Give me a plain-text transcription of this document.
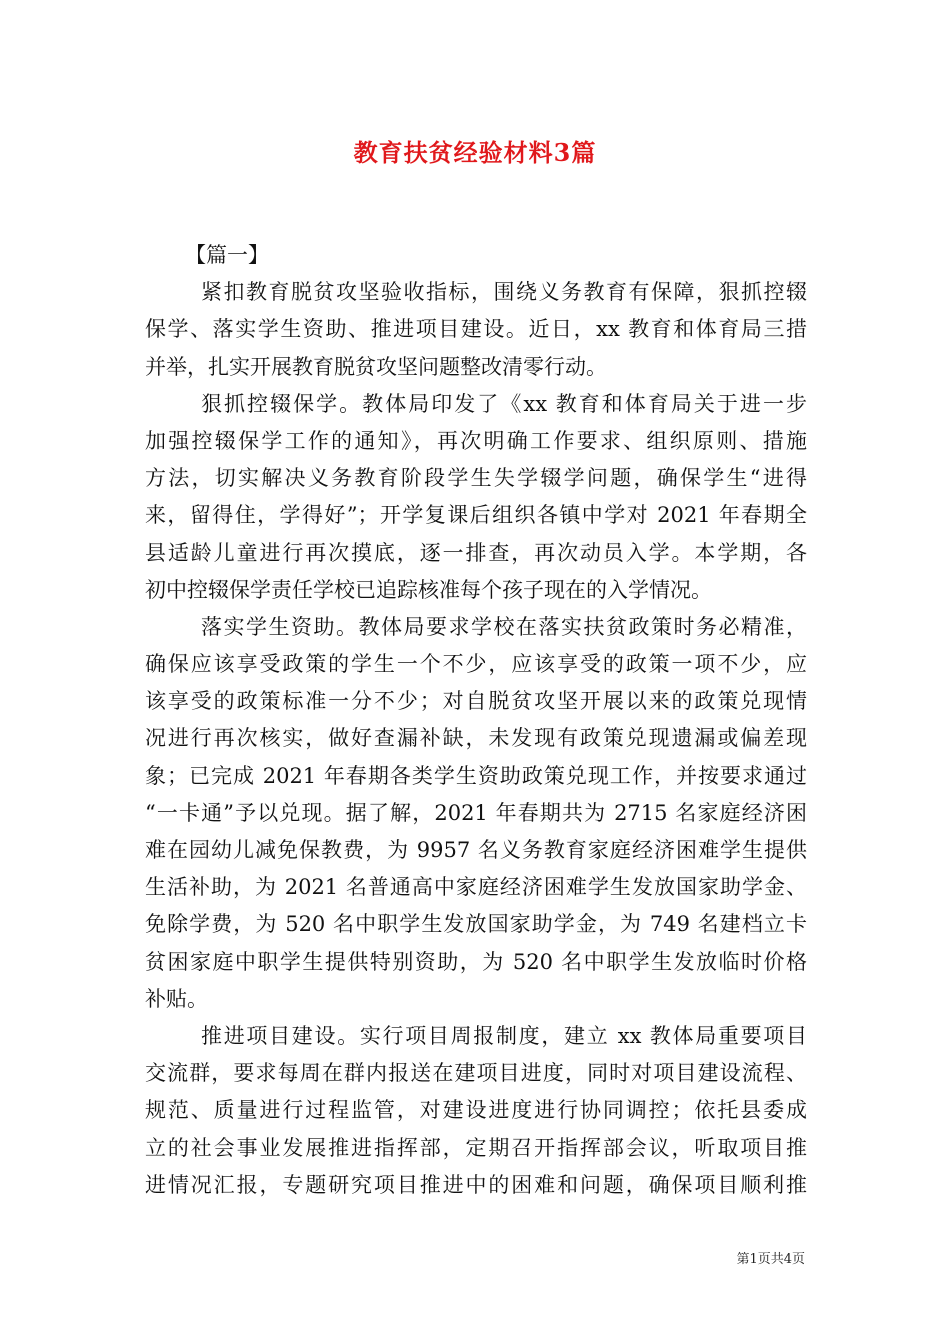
教育扶贫经验材料3篇
【篇一】
紧扣教育脱贫攻坚验收指标，围绕义务教育有保障，狠抓控辍
保学、落实学生资助、推进项目建设。近日，xx 教育和体育局三措
并举，扎实开展教育脱贫攻坚问题整改清零行动。
狠抓控辍保学。教体局印发了《xx 教育和体育局关于进一步
加强控辍保学工作的通知》，再次明确工作要求、组织原则、措施
方法，切实解决义务教育阶段学生失学辍学问题，确保学生“进得
来，留得住，学得好”；开学复课后组织各镇中学对 2021 年春期全
县适龄儿童进行再次摸底，逐一排查，再次动员入学。本学期，各
初中控辍保学责任学校已追踪核准每个孩子现在的入学情况。
落实学生资助。教体局要求学校在落实扶贫政策时务必精准，
确保应该享受政策的学生一个不少，应该享受的政策一项不少，应
该享受的政策标准一分不少；对自脱贫攻坚开展以来的政策兑现情
况进行再次核实，做好查漏补缺，未发现有政策兑现遗漏或偏差现
象；已完成 2021 年春期各类学生资助政策兑现工作，并按要求通过
“一卡通”予以兑现。据了解，2021 年春期共为 2715 名家庭经济困
难在园幼儿减免保教费，为 9957 名义务教育家庭经济困难学生提供
生活补助，为 2021 名普通高中家庭经济困难学生发放国家助学金、
免除学费，为 520 名中职学生发放国家助学金，为 749 名建档立卡
贫困家庭中职学生提供特别资助，为 520 名中职学生发放临时价格
补贴。
推进项目建设。实行项目周报制度，建立 xx 教体局重要项目
交流群，要求每周在群内报送在建项目进度，同时对项目建设流程、
规范、质量进行过程监管，对建设进度进行协同调控；依托县委成
立的社会事业发展推进指挥部，定期召开指挥部会议，听取项目推
进情况汇报，专题研究项目推进中的困难和问题，确保项目顺利推
第1页共4页
